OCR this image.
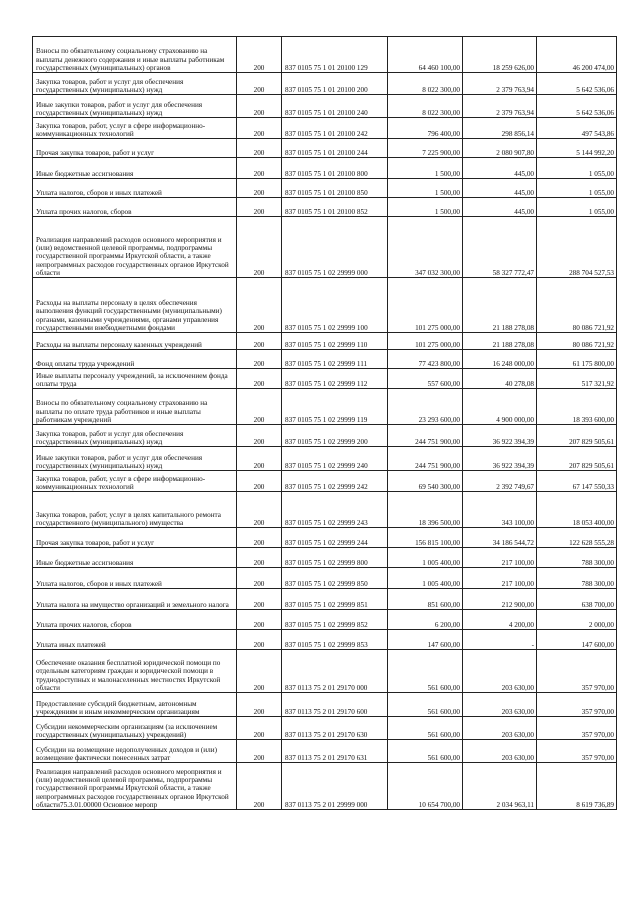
Взносы по обязательному социальному страхованию на выплаты денежного содержания и иные выплаты работникам государственных (муниципальных) органов	200	837 0105 75 1 01 20100 129	64 460 100,00	18 259 626,00	46 200 474,00
Закупка товаров, работ и услуг для обеспечения государственных (муниципальных) нужд	200	837 0105 75 1 01 20100 200	8 022 300,00	2 379 763,94	5 642 536,06
Иные закупки товаров, работ и услуг для обеспечения государственных (муниципальных) нужд	200	837 0105 75 1 01 20100 240	8 022 300,00	2 379 763,94	5 642 536,06
Закупка товаров, работ, услуг в сфере информационно-коммуникационных технологий	200	837 0105 75 1 01 20100 242	796 400,00	298 856,14	497 543,86
Прочая закупка товаров, работ и услуг	200	837 0105 75 1 01 20100 244	7 225 900,00	2 080 907,80	5 144 992,20
Иные бюджетные ассигнования	200	837 0105 75 1 01 20100 800	1 500,00	445,00	1 055,00
Уплата налогов, сборов и иных платежей	200	837 0105 75 1 01 20100 850	1 500,00	445,00	1 055,00
Уплата прочих налогов, сборов	200	837 0105 75 1 01 20100 852	1 500,00	445,00	1 055,00
Реализация направлений расходов основного мероприятия и (или) ведомственной целевой программы, подпрограммы государственной программы Иркутской области, а также непрограммных расходов государственных органов Иркутской области	200	837 0105 75 1 02 29999 000	347 032 300,00	58 327 772,47	288 704 527,53
Расходы на выплаты персоналу в целях обеспечения выполнения функций государственными (муниципальными) органами, казенными учреждениями, органами управления государственными внебюджетными фондами	200	837 0105 75 1 02 29999 100	101 275 000,00	21 188 278,08	80 086 721,92
Расходы на выплаты персоналу казенных учреждений	200	837 0105 75 1 02 29999 110	101 275 000,00	21 188 278,08	80 086 721,92
Фонд оплаты труда учреждений	200	837 0105 75 1 02 29999 111	77 423 800,00	16 248 000,00	61 175 800,00
Иные выплаты персоналу учреждений, за исключением фонда оплаты труда	200	837 0105 75 1 02 29999 112	557 600,00	40 278,08	517 321,92
Взносы по обязательному социальному страхованию на выплаты по оплате труда работников и иные выплаты работникам учреждений	200	837 0105 75 1 02 29999 119	23 293 600,00	4 900 000,00	18 393 600,00
Закупка товаров, работ и услуг для обеспечения государственных (муниципальных) нужд	200	837 0105 75 1 02 29999 200	244 751 900,00	36 922 394,39	207 829 505,61
Иные закупки товаров, работ и услуг для обеспечения государственных (муниципальных) нужд	200	837 0105 75 1 02 29999 240	244 751 900,00	36 922 394,39	207 829 505,61
Закупка товаров, работ, услуг в сфере информационно-коммуникационных технологий	200	837 0105 75 1 02 29999 242	69 540 300,00	2 392 749,67	67 147 550,33
Закупка товаров, работ, услуг в целях капитального ремонта государственного (муниципального) имущества	200	837 0105 75 1 02 29999 243	18 396 500,00	343 100,00	18 053 400,00
Прочая закупка товаров, работ и услуг	200	837 0105 75 1 02 29999 244	156 815 100,00	34 186 544,72	122 628 555,28
Иные бюджетные ассигнования	200	837 0105 75 1 02 29999 800	1 005 400,00	217 100,00	788 300,00
Уплата налогов, сборов и иных платежей	200	837 0105 75 1 02 29999 850	1 005 400,00	217 100,00	788 300,00
Уплата налога на имущество организаций и земельного налога	200	837 0105 75 1 02 29999 851	851 600,00	212 900,00	638 700,00
Уплата прочих налогов, сборов	200	837 0105 75 1 02 29999 852	6 200,00	4 200,00	2 000,00
Уплата иных платежей	200	837 0105 75 1 02 29999 853	147 600,00	-	147 600,00
Обеспечение оказания бесплатной юридической помощи по отдельным категориям граждан и юридической помощи в труднодоступных и малонаселенных местностях Иркутской области	200	837 0113 75 2 01 29170 000	561 600,00	203 630,00	357 970,00
Предоставление субсидий бюджетным, автономным учреждениям и иным некоммерческим организациям	200	837 0113 75 2 01 29170 600	561 600,00	203 630,00	357 970,00
Субсидии некоммерческим организациям (за исключением государственных (муниципальных) учреждений)	200	837 0113 75 2 01 29170 630	561 600,00	203 630,00	357 970,00
Субсидии на возмещение недополученных доходов и (или) возмещение фактически понесенных затрат	200	837 0113 75 2 01 29170 631	561 600,00	203 630,00	357 970,00
Реализация направлений расходов основного мероприятия и (или) ведомственной целевой программы, подпрограммы государственной программы Иркутской области, а также непрограммных расходов государственных органов Иркутской области75.3.01.00000 Основное меропр	200	837 0113 75 2 01 29999 000	10 654 700,00	2 034 963,11	8 619 736,89
